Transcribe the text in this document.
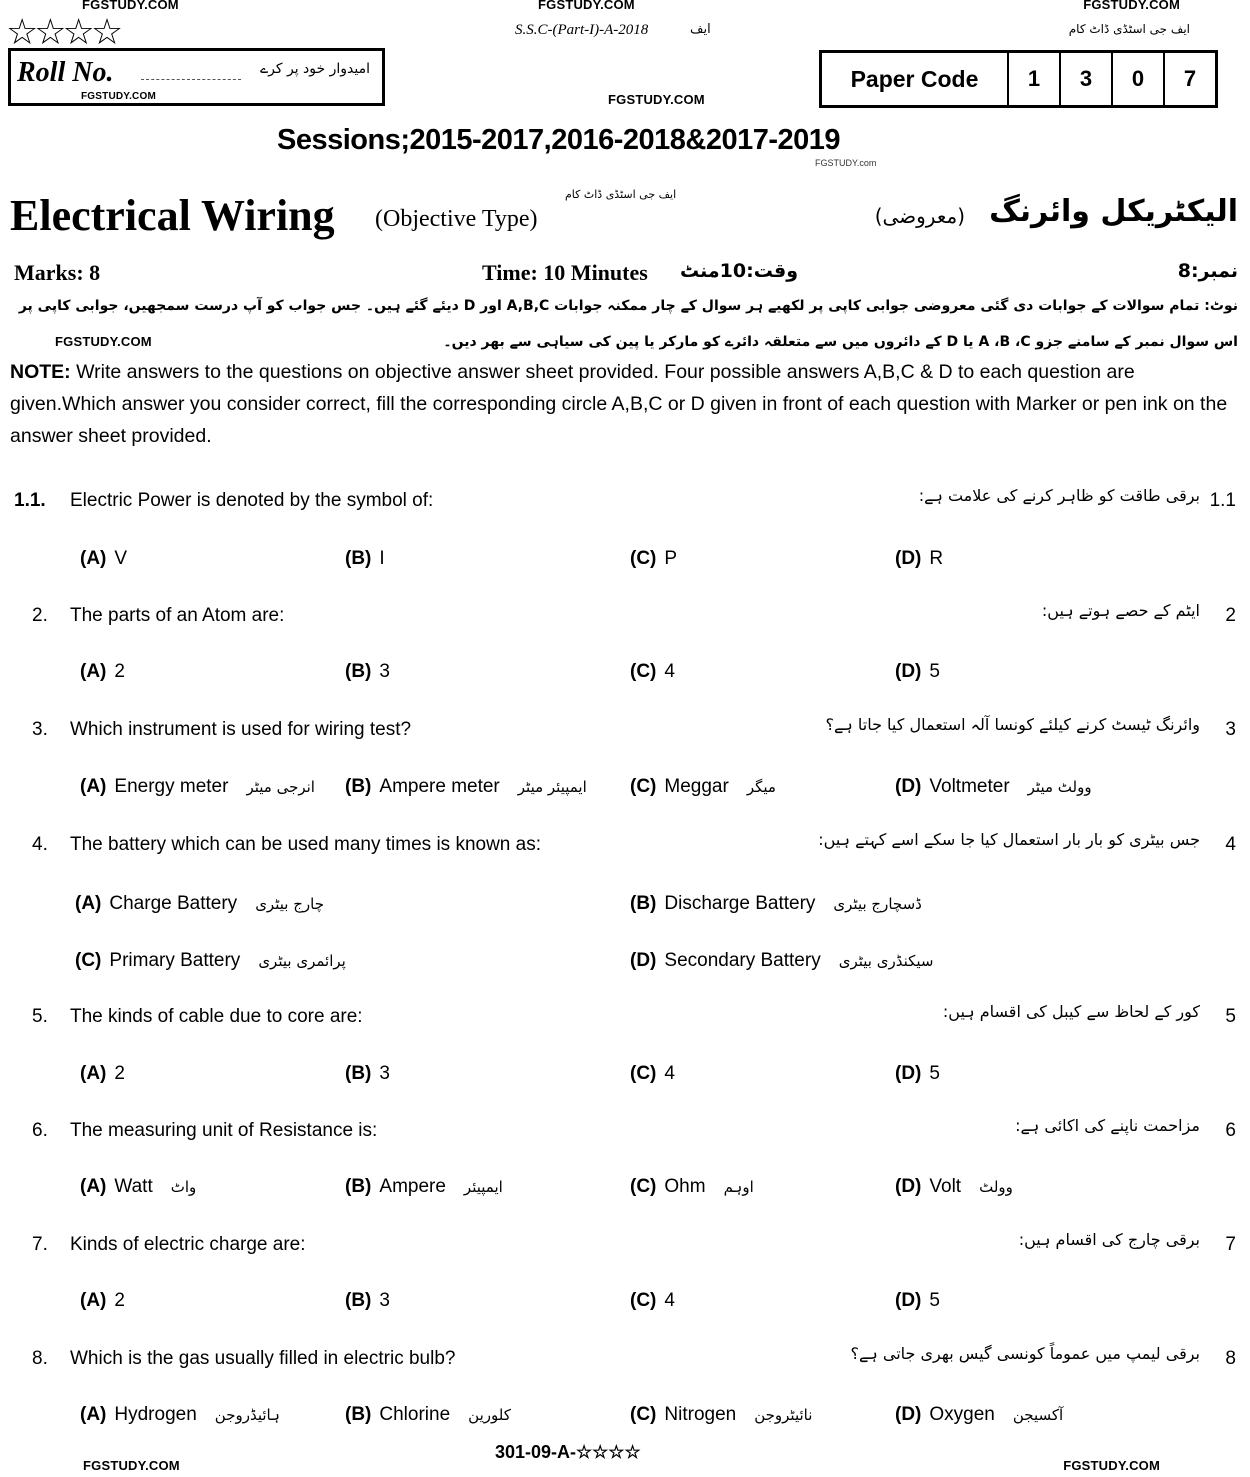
FGSTUDY.COM	FGSTUDY.COM	FGSTUDY.COM
☆☆☆☆	S.S.C-(Part-I)-A-2018	ایف	ایف جی اسٹڈی ڈاٹ کام
Roll No.	امیدوار خود پر کرے
FGSTUDY.COM	FGSTUDY.COM
Paper Code	1	3	0	7
Sessions;2015-2017,2016-2018&2017-2019
FGSTUDY.com
Electrical Wiring (Objective Type)
ایف جی اسٹڈی ڈاٹ کام	الیکٹریکل وائرنگ
(معروضی)
Marks: 8	Time: 10 Minutes وقت:10منٹ	نمبر:8
نوٹ: تمام سوالات کے جوابات دی گئی معروضی جوابی کاپی پر لکھیے ہر سوال کے چار ممکنہ جوابات A,B,C اور D دیئے گئے ہیں۔ جس جواب کو آپ درست سمجھیں، جوابی کاپی پر اس سوال نمبر کے سامنے جزو A ،B ،C یا D کے دائروں میں سے متعلقہ دائرے کو مارکر یا پین کی سیاہی سے بھر دیں۔
FGSTUDY.COM
NOTE: Write answers to the questions on objective answer sheet provided. Four possible answers A,B,C & D to each question are given.Which answer you consider correct, fill the corresponding circle A,B,C or D given in front of each question with Marker or pen ink on the answer sheet provided.
1.1. Electric Power is denoted by the symbol of:	1.1
برقی طاقت کو ظاہر کرنے کی علامت ہے:
(A) V	(B) I	(C) P	(D) R
2. The parts of an Atom are:	2
ایٹم کے حصے ہوتے ہیں:
(A) 2	(B) 3	(C) 4	(D) 5
3. Which instrument is used for wiring test?	3
وائرنگ ٹیسٹ کرنے کیلئے کونسا آلہ استعمال کیا جاتا ہے؟
(A) Energy meter انرجی میٹر (B) Ampere meter ایمپیئر میٹر (C) Meggar میگر	(D) Voltmeter وولٹ میٹر
4. The battery which can be used many times is known as:	4
جس بیٹری کو بار بار استعمال کیا جا سکے اسے کہتے ہیں:
(A) Charge Battery چارج بیٹری	(B) Discharge Battery ڈسچارج بیٹری
(C) Primary Battery پرائمری بیٹری	(D) Secondary Battery سیکنڈری بیٹری
5. The kinds of cable due to core are:	5
کور کے لحاظ سے کیبل کی اقسام ہیں:
(A) 2	(B) 3	(C) 4	(D) 5
6. The measuring unit of Resistance is:	6
مزاحمت ناپنے کی اکائی ہے:
(A) Watt واٹ	(B) Ampere ایمپیئر	(C) Ohm اوہم	(D) Volt وولٹ
7. Kinds of electric charge are:	7
برقی چارج کی اقسام ہیں:
(A) 2	(B) 3	(C) 4	(D) 5
8. Which is the gas usually filled in electric bulb?	8
برقی لیمپ میں عموماً کونسی گیس بھری جاتی ہے؟
(A) Hydrogen ہائیڈروجن	(B) Chlorine کلورین	(C) Nitrogen نائیٹروجن	(D) Oxygen آکسیجن
FGSTUDY.COM
301-09-A-☆☆☆☆
FGSTUDY.COM
